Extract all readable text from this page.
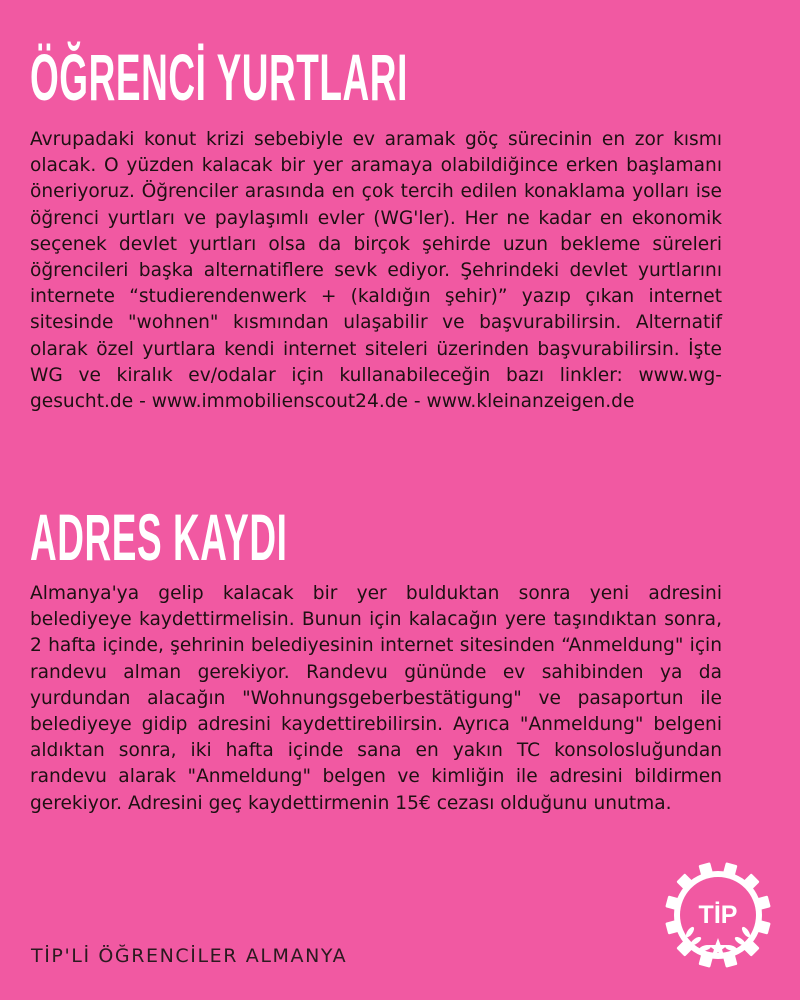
ÖĞRENCİ YURTLARI

Avrupadaki konut krizi sebebiyle ev aramak göç sürecinin en zor kısmı olacak. O yüzden kalacak bir yer aramaya olabildiğince erken başlamanı öneriyoruz. Öğrenciler arasında en çok tercih edilen konaklama yolları ise öğrenci yurtları ve paylaşımlı evler (WG'ler). Her ne kadar en ekonomik seçenek devlet yurtları olsa da birçok şehirde uzun bekleme süreleri öğrencileri başka alternatiflere sevk ediyor. Şehrindeki devlet yurtlarını internete “studierendenwerk + (kaldığın şehir)” yazıp çıkan internet sitesinde "wohnen" kısmından ulaşabilir ve başvurabilirsin. Alternatif olarak özel yurtlara kendi internet siteleri üzerinden başvurabilirsin. İşte WG ve kiralık ev/odalar için kullanabileceğin bazı linkler: www.wg-gesucht.de - www.immobilienscout24.de - www.kleinanzeigen.de

ADRES KAYDI

Almanya'ya gelip kalacak bir yer bulduktan sonra yeni adresini belediyeye kaydettirmelisin. Bunun için kalacağın yere taşındıktan sonra, 2 hafta içinde, şehrinin belediyesinin internet sitesinden “Anmeldung" için randevu alman gerekiyor. Randevu gününde ev sahibinden ya da yurdundan alacağın "Wohnungsgeberbestätigung" ve pasaportun ile belediyeye gidip adresini kaydettirebilirsin. Ayrıca "Anmeldung" belgeni aldıktan sonra, iki hafta içinde sana en yakın TC konsolosluğundan randevu alarak "Anmeldung" belgen ve kimliğin ile adresini bildirmen gerekiyor. Adresini geç kaydettirmenin 15€ cezası olduğunu unutma.

TİP'Lİ ÖĞRENCİLER ALMANYA
TİP
